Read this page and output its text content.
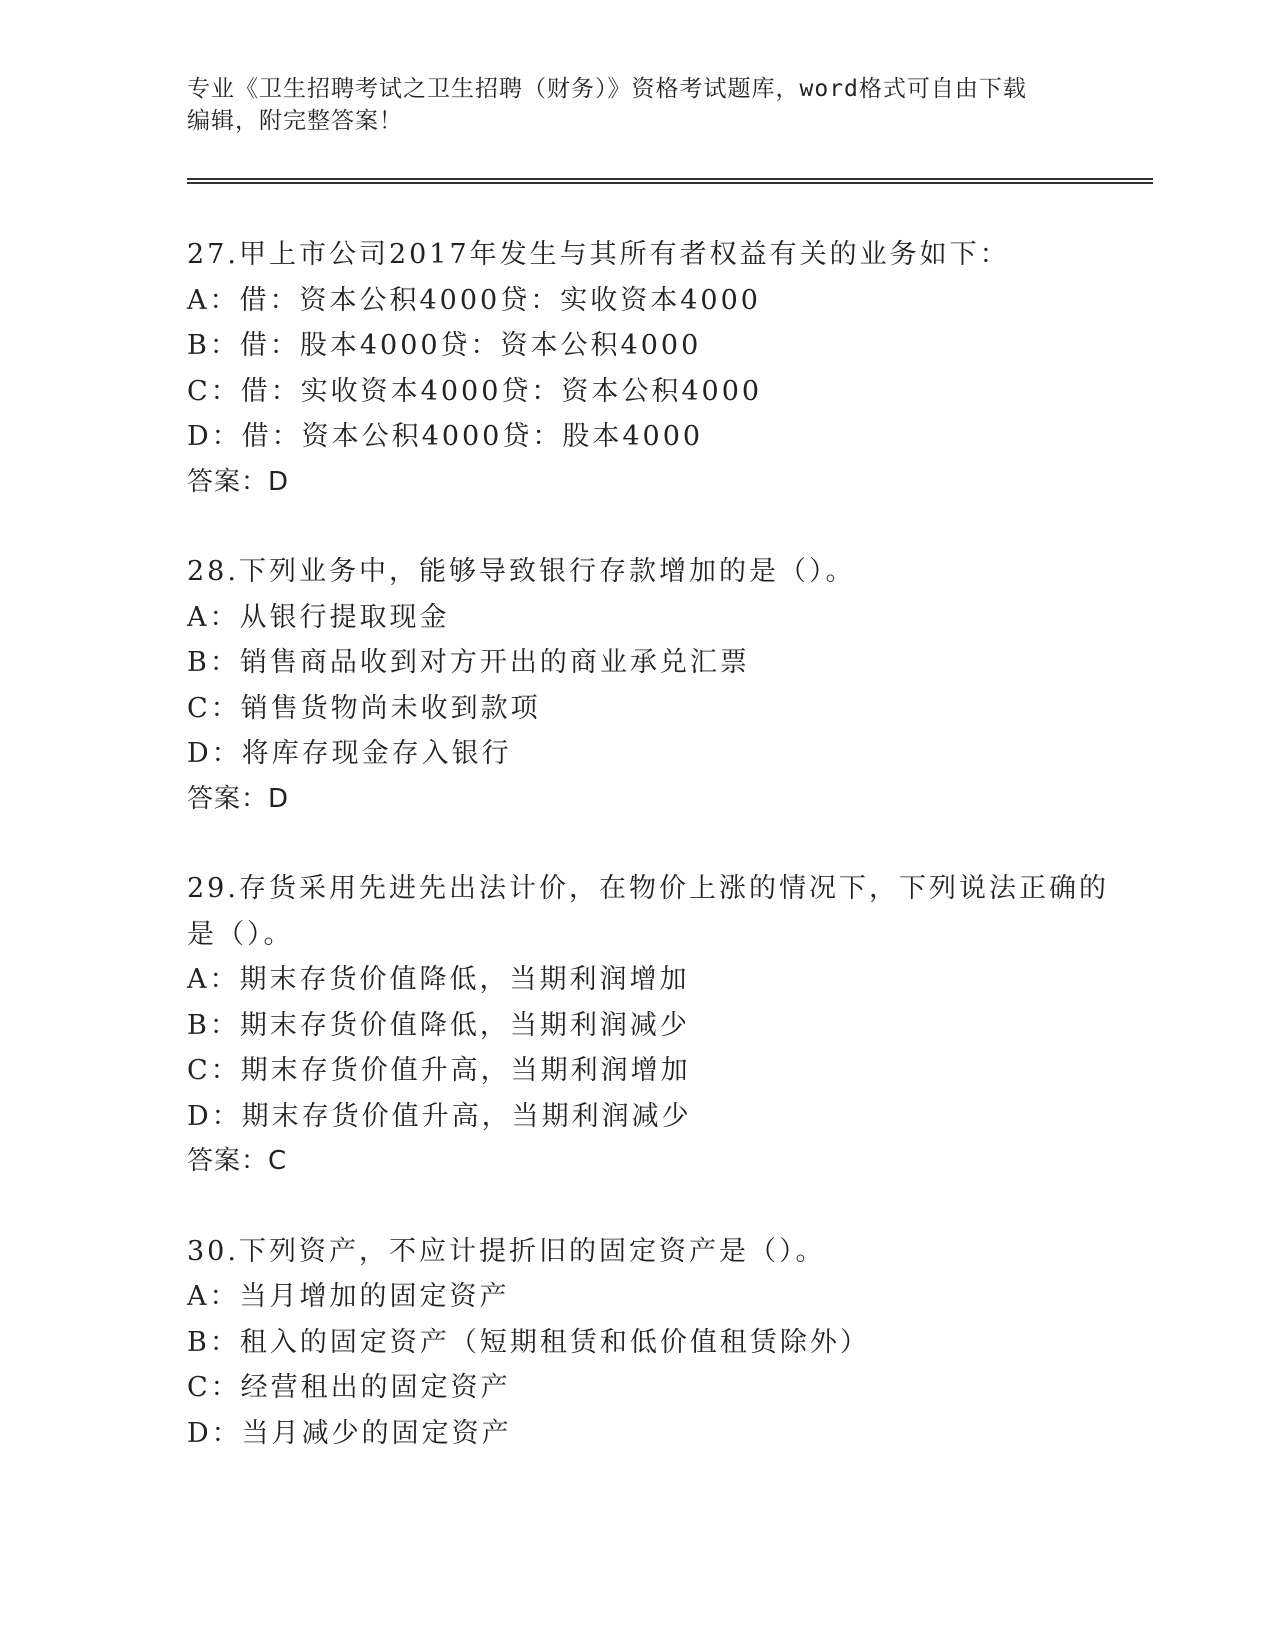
专业《卫生招聘考试之卫生招聘（财务）》资格考试题库，word格式可自由下载
编辑，附完整答案！
27.甲上市公司2017年发生与其所有者权益有关的业务如下：
A：借：资本公积4000贷：实收资本4000
B：借：股本4000贷：资本公积4000
C：借：实收资本4000贷：资本公积4000
D：借：资本公积4000贷：股本4000
答案：D
28.下列业务中，能够导致银行存款增加的是（）。
A：从银行提取现金
B：销售商品收到对方开出的商业承兑汇票
C：销售货物尚未收到款项
D：将库存现金存入银行
答案：D
29.存货采用先进先出法计价，在物价上涨的情况下，下列说法正确的
是（）。
A：期末存货价值降低，当期利润增加
B：期末存货价值降低，当期利润减少
C：期末存货价值升高，当期利润增加
D：期末存货价值升高，当期利润减少
答案：C
30.下列资产，不应计提折旧的固定资产是（）。
A：当月增加的固定资产
B：租入的固定资产（短期租赁和低价值租赁除外）
C：经营租出的固定资产
D：当月减少的固定资产
